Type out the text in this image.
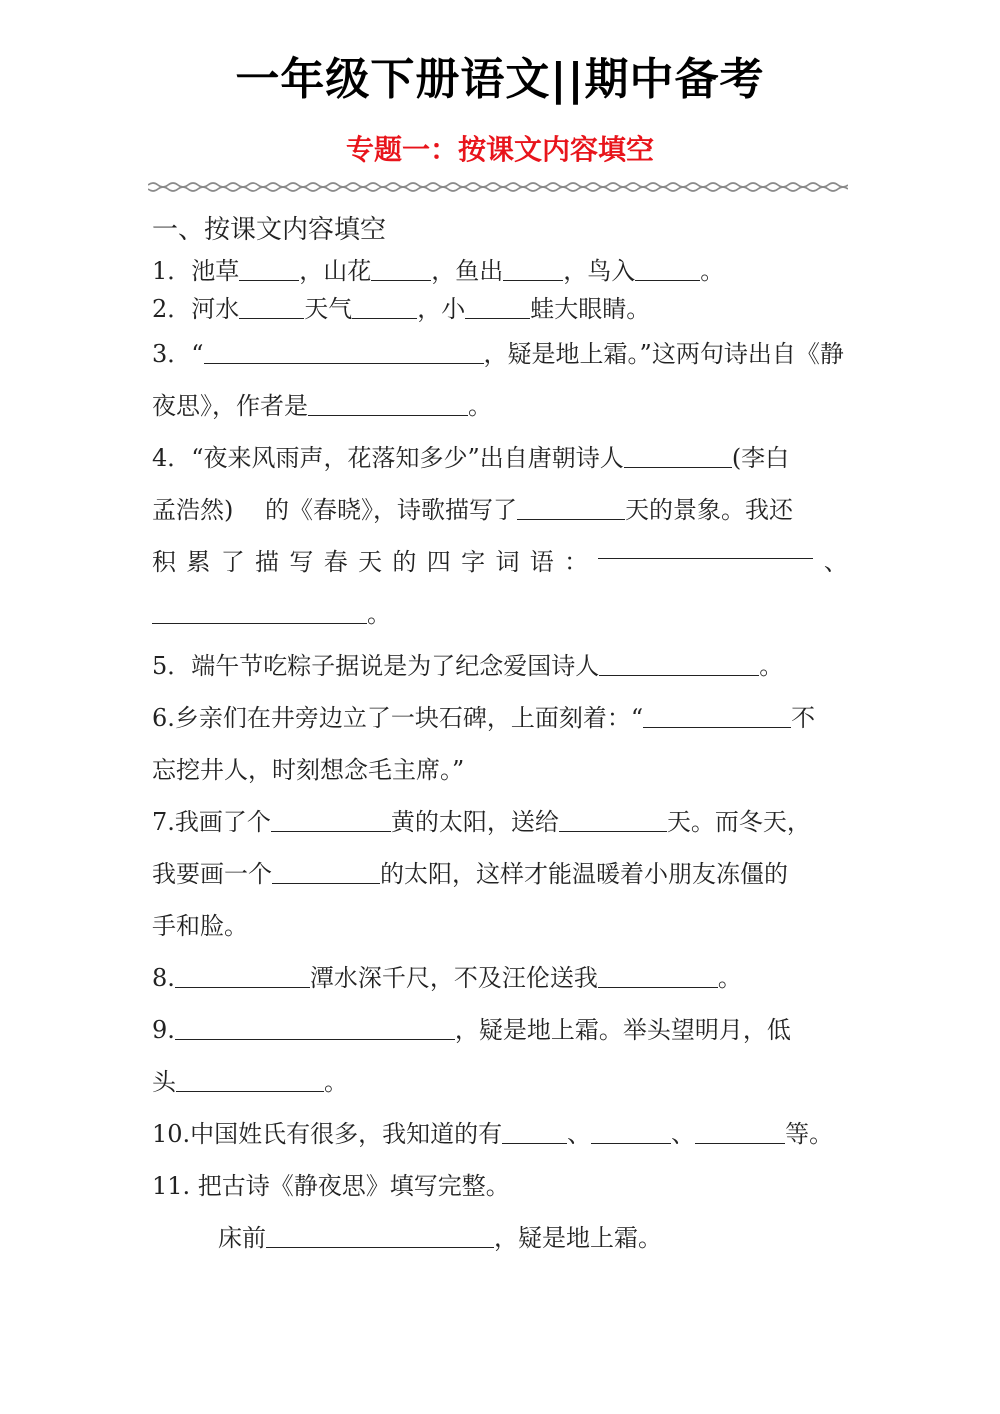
一年级下册语文||期中备考
专题一：按课文内容填空
一、按课文内容填空
1．池草	，山花	，鱼出	，鸟入	。
2．河水	天气	，小	蛙大眼睛。
3．“	，疑是地上霜。”这两句诗出自《静
夜思》，作者是	。
4．“夜来风雨声，花落知多少”出自唐朝诗人	(李白
孟浩然)　 的《春晓》，诗歌描写了	天的景象。我还
积 累 了 描 写 春 天 的 四 字 词 语 ：	、
。
5．端午节吃粽子据说是为了纪念爱国诗人	。
6.乡亲们在井旁边立了一块石碑，上面刻着：“	不
忘挖井人，时刻想念毛主席。”
7.我画了个	黄的太阳，送给	天。而冬天，
我要画一个	的太阳，这样才能温暖着小朋友冻僵的
手和脸。
8.	潭水深千尺，不及汪伦送我	。
9.	，疑是地上霜。举头望明月，低
头	。
10.中国姓氏有很多，我知道的有	、	、	等。
11. 把古诗《静夜思》填写完整。
床前	，疑是地上霜。
